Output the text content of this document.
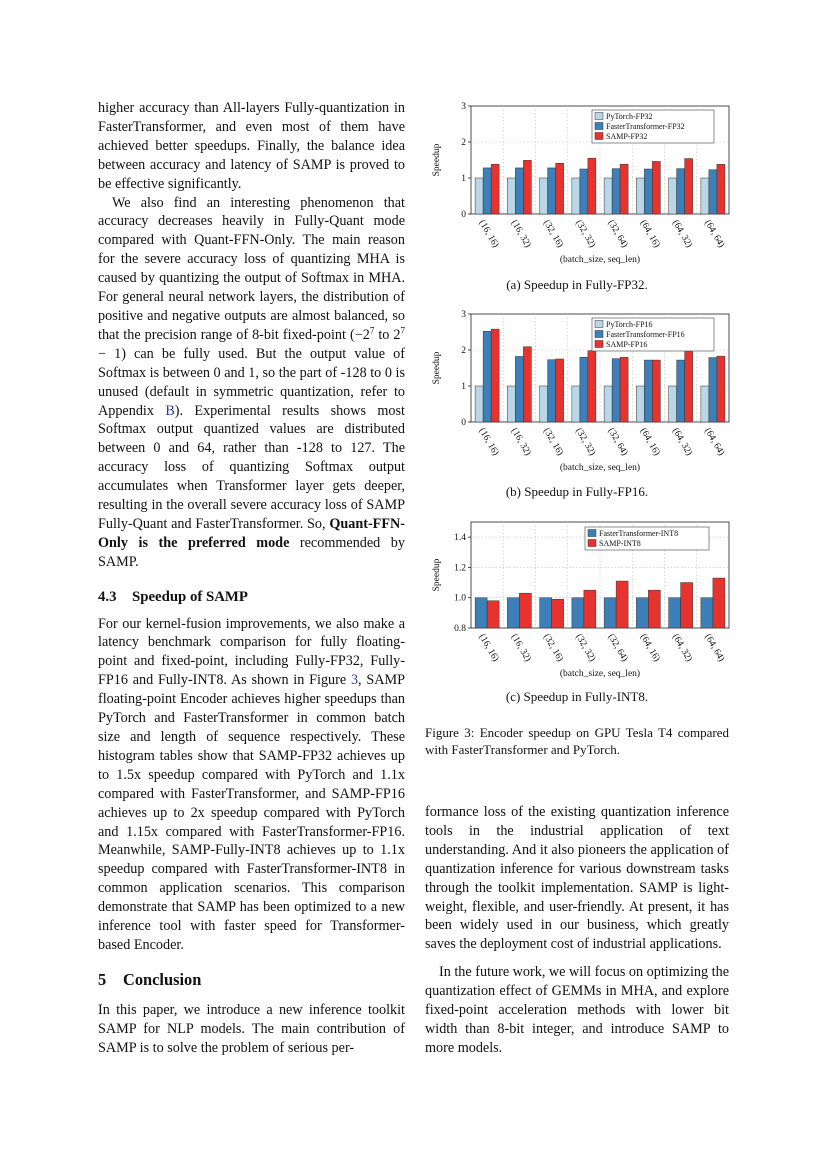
higher accuracy than All-layers Fully-quantization in FasterTransformer, and even most of them have achieved better speedups. Finally, the balance idea between accuracy and latency of SAMP is proved to be effective significantly.

We also find an interesting phenomenon that accuracy decreases heavily in Fully-Quant mode compared with Quant-FFN-Only. The main reason for the severe accuracy loss of quantizing MHA is caused by quantizing the output of Softmax in MHA. For general neural network layers, the distribution of positive and negative outputs are almost balanced, so that the precision range of 8-bit fixed-point ($-2^7$ to $2^7 - 1$) can be fully used. But the output value of Softmax is between 0 and 1, so the part of -128 to 0 is unused (default in symmetric quantization, refer to Appendix B). Experimental results shows most Softmax output quantized values are distributed between 0 and 64, rather than -128 to 127. The accuracy loss of quantizing Softmax output accumulates when Transformer layer gets deeper, resulting in the overall severe accuracy loss of SAMP Fully-Quant and FasterTransformer. So, Quant-FFN-Only is the preferred mode recommended by SAMP.

4.3 Speedup of SAMP

For our kernel-fusion improvements, we also make a latency benchmark comparison for fully floating-point and fixed-point, including Fully-FP32, Fully-FP16 and Fully-INT8. As shown in Figure 3, SAMP floating-point Encoder achieves higher speedups than PyTorch and FasterTransformer in common batch size and length of sequence respectively. These histogram tables show that SAMP-FP32 achieves up to 1.5x speedup compared with PyTorch and 1.1x compared with FasterTransformer, and SAMP-FP16 achieves up to 2x speedup compared with PyTorch and 1.15x compared with FasterTransformer-FP16. Meanwhile, SAMP-Fully-INT8 achieves up to 1.1x speedup compared with FasterTransformer-INT8 in common application scenarios. This comparison demonstrate that SAMP has been optimized to a new inference tool with faster speed for Transformer-based Encoder.

5 Conclusion

In this paper, we introduce a new inference toolkit SAMP for NLP models. The main contribution of SAMP is to solve the problem of serious per-

0
1
2
3
(16, 16) (16, 32) (32, 16) (32, 32) (32, 64) (64, 16) (64, 32) (64, 64)
(batch_size, seq_len)
Speedup
PyTorch-FP32
FasterTransformer-FP32
SAMP-FP32
(a) Speedup in Fully-FP32.
0
1
2
3
(16, 16) (16, 32) (32, 16) (32, 32) (32, 64) (64, 16) (64, 32) (64, 64)
(batch_size, seq_len)
Speedup
PyTorch-FP16
FasterTransformer-FP16
SAMP-FP16
(b) Speedup in Fully-FP16.
0.8
1.0
1.2
1.4
(16, 16) (16, 32) (32, 16) (32, 32) (32, 64) (64, 16) (64, 32) (64, 64)
(batch_size, seq_len)
Speedup
FasterTransformer-INT8
SAMP-INT8
(c) Speedup in Fully-INT8.
Figure 3: Encoder speedup on GPU Tesla T4 compared with FasterTransformer and PyTorch.

formance loss of the existing quantization inference tools in the industrial application of text understanding. And it also pioneers the application of quantization inference for various downstream tasks through the toolkit implementation. SAMP is light-weight, flexible, and user-friendly. At present, it has been widely used in our business, which greatly saves the deployment cost of industrial applications.

In the future work, we will focus on optimizing the quantization effect of GEMMs in MHA, and explore fixed-point acceleration methods with lower bit width than 8-bit integer, and introduce SAMP to more models.
